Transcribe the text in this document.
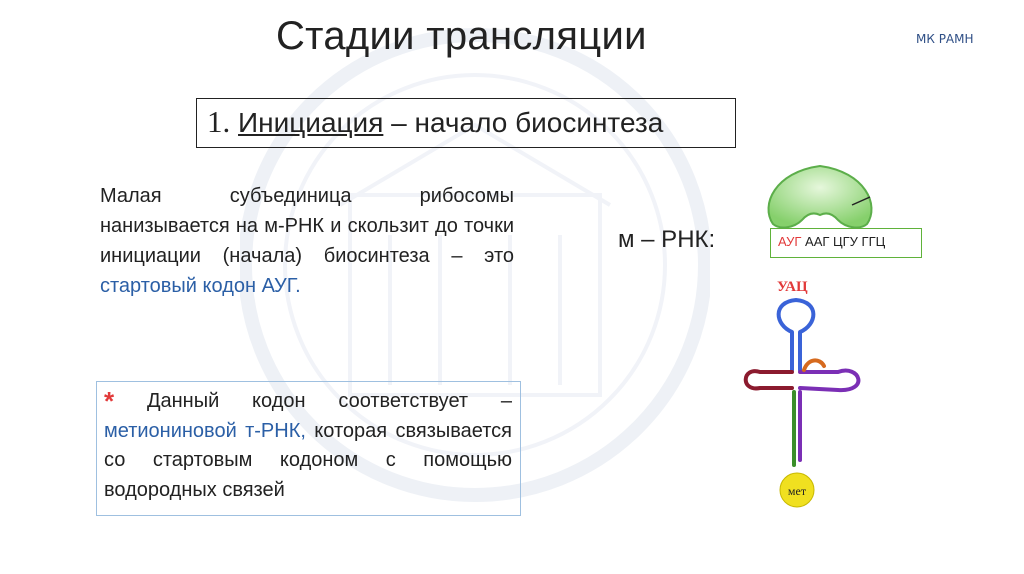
Стадии трансляции	МК РАМН
1. Инициация – начало биосинтеза
Малая субъединица рибосомы нанизывается на м-РНК и скользит до точки инициации (начала) биосинтеза – это стартовый кодон АУГ.
* Данный кодон соответствует – метиониновой т-РНК, которая связывается со стартовым кодоном с помощью водородных связей
м – РНК:	АУГ ААГ ЦГУ ГГЦ
УАЦ
мет
